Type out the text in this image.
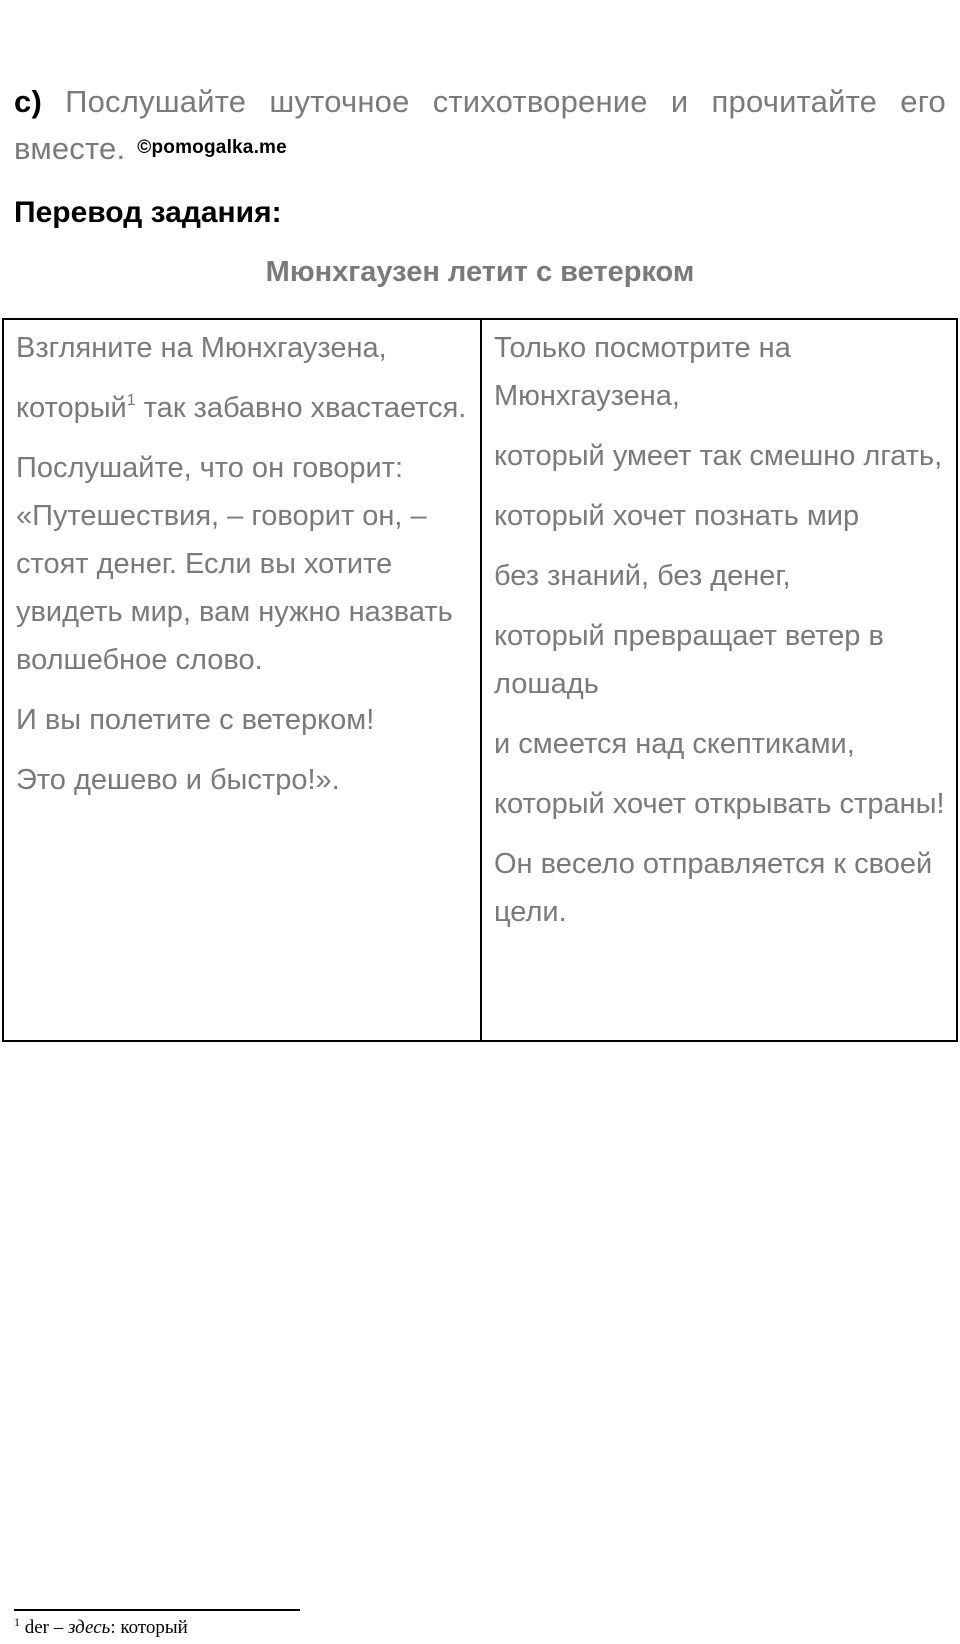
c) Послушайте шуточное стихотворение и прочитайте его
вместе. ©pomogalka.me
Перевод задания:
Мюнхгаузен летит с ветерком

Взгляните на Мюнхгаузена,

который$^1$ так забавно хвастается.

Послушайте, что он говорит: «Путешествия, – говорит он, – стоят денег. Если вы хотите увидеть мир, вам нужно назвать волшебное слово.

И вы полетите с ветерком!

Это дешево и быстро!».

Только посмотрите на Мюнхгаузена,

который умеет так смешно лгать,

который хочет познать мир

без знаний, без денег,

который превращает ветер в лошадь

и смеется над скептиками,

который хочет открывать страны!

Он весело отправляется к своей цели.

$^1$ der – здесь: который
